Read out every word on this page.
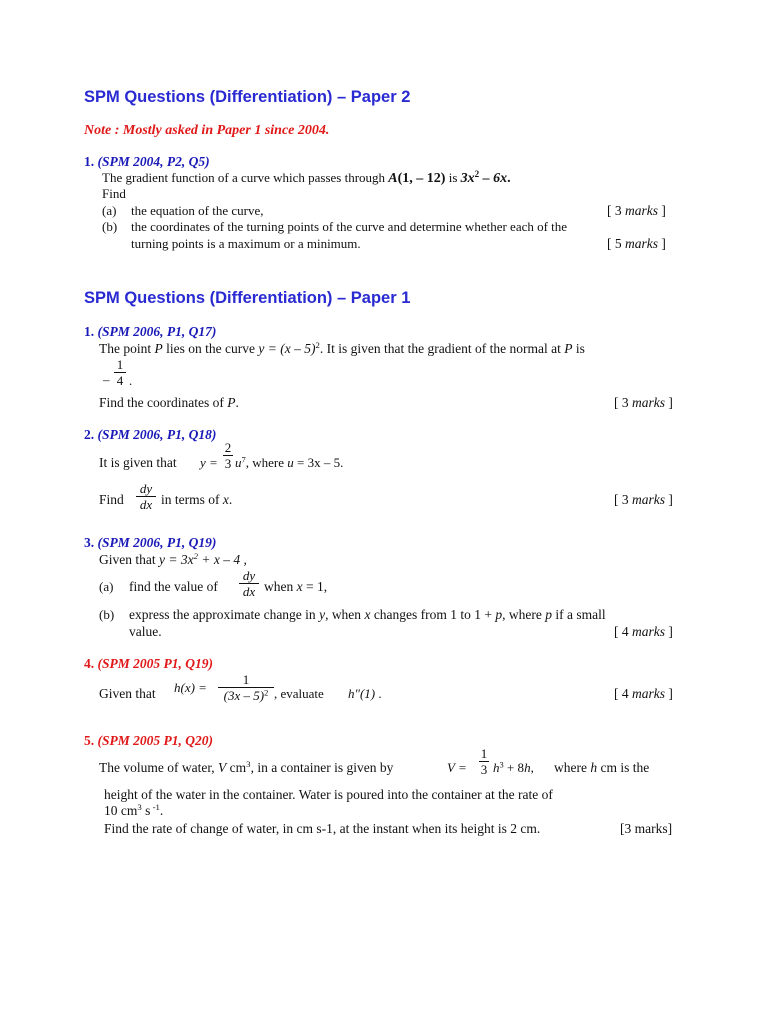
SPM Questions (Differentiation) – Paper 2
Note : Mostly asked in Paper 1 since 2004.
1. (SPM 2004, P2, Q5)
The gradient function of a curve which passes through A(1, – 12) is $3x^2 - 6x$.
Find
(a) the equation of the curve,	[ 3 marks ]
(b) the coordinates of the turning points of the curve and determine whether each of the
turning points is a maximum or a minimum.	[ 5 marks ]
SPM Questions (Differentiation) – Paper 1
1. (SPM 2006, P1, Q17)
The point P lies on the curve y = (x – 5)$^2$. It is given that the gradient of the normal at P is
–
1
4 .
Find the coordinates of P.	[ 3 marks ]
2. (SPM 2006, P1, Q18)
It is given that y =
2
3 $u^7$, where u = 3x – 5.
Find
dy
dx in terms of x.	[ 3 marks ]
3. (SPM 2006, P1, Q19)
Given that $y = 3x^2 + x - 4$ ,
(a) find the value of
dy
dx when x = 1,
(b) express the approximate change in y, when x changes from 1 to 1 + p, where p if a small
value.	[ 4 marks ]
4. (SPM 2005 P1, Q19)
Given that h(x) =
1
(3x – 5)$^2$ , evaluate h"(1) .	[ 4 marks ]
5. (SPM 2005 P1, Q20)
The volume of water, V $cm^3$, in a container is given by	V =
1
3 $h^3 + 8h$, where h cm is the
height of the water in the container. Water is poured into the container at the rate of
10 $cm^3$ s $^{-1}$.
Find the rate of change of water, in cm s-1, at the instant when its height is 2 cm.	[3 marks]
